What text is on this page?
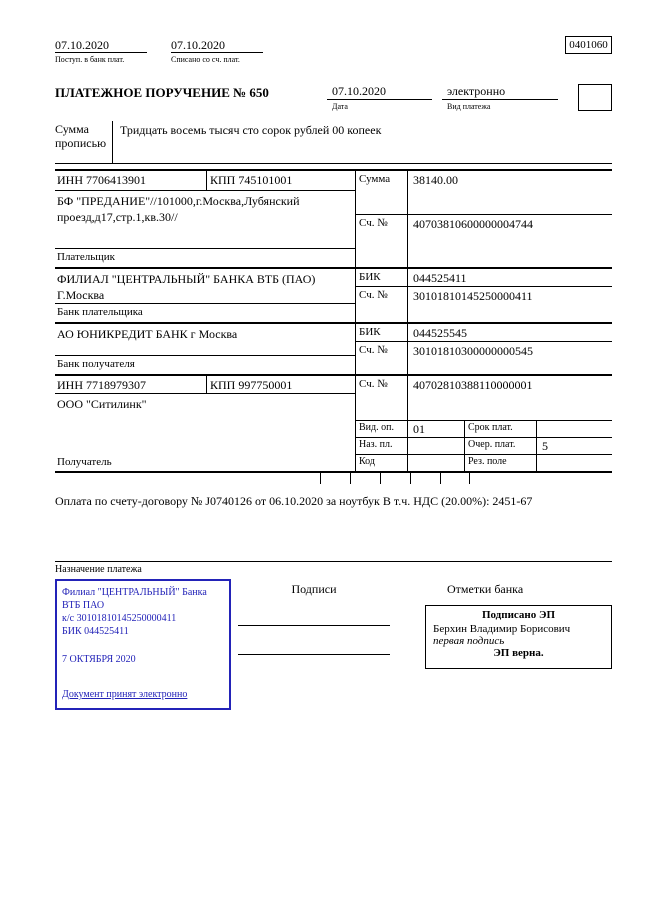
07.10.2020
Поступ. в банк плат.
07.10.2020
Списано со сч. плат.
0401060
ПЛАТЕЖНОЕ ПОРУЧЕНИЕ № 650	07.10.2020
Дата
электронно
Вид платежа
Сумма прописью
Тридцать восемь тысяч сто сорок рублей 00 копеек
ИНН 7706413901	КПП 745101001
БФ "ПРЕДАНИЕ"//101000,г.Москва,Лубянский проезд,д17,стр.1,кв.30//
Плательщик
Сумма	38140.00
Сч. №	40703810600000004744
ФИЛИАЛ "ЦЕНТРАЛЬНЫЙ" БАНКА ВТБ (ПАО) Г.Москва
Банк плательщика
БИК	044525411
Сч. №	30101810145250000411
АО ЮНИКРЕДИТ БАНК г Москва
Банк получателя
БИК	044525545
Сч. №	30101810300000000545
ИНН 7718979307	КПП 997750001
ООО "Ситилинк"
Получатель
Сч. №	40702810388110000001
Вид. оп.	01	Срок плат.
Наз. пл.	Очер. плат.	5
Код	Рез. поле
Оплата по счету-договору № J0740126 от 06.10.2020 за ноутбук В т.ч. НДС (20.00%): 2451-67
Назначение платежа
Филиал "ЦЕНТРАЛЬНЫЙ" Банка
ВТБ ПАО
к/с 30101810145250000411
БИК 044525411
7 ОКТЯБРЯ 2020
Документ принят электронно
Подписи	Отметки банка
Подписано ЭП
Берхин Владимир Борисович
первая подпись
ЭП верна.
